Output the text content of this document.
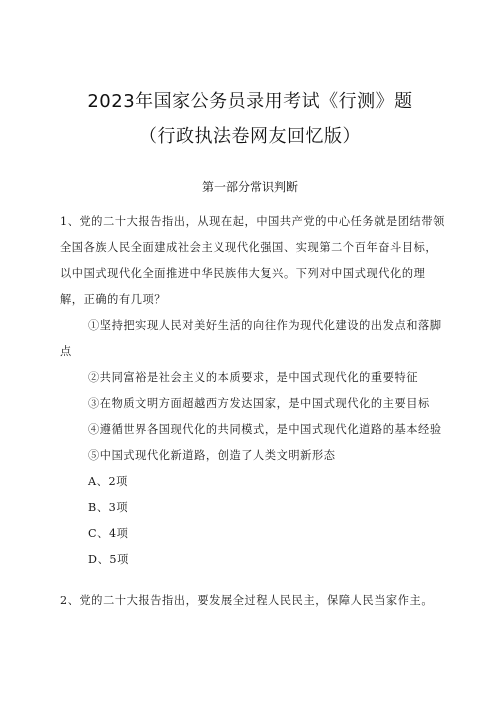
2023年国家公务员录用考试《行测》题
（行政执法卷网友回忆版）
第一部分常识判断

1、党的二十大报告指出，从现在起，中国共产党的中心任务就是团结带领全国各族人民全面建成社会主义现代化强国、实现第二个百年奋斗目标，以中国式现代化全面推进中华民族伟大复兴。下列对中国式现代化的理解，正确的有几项？

①坚持把实现人民对美好生活的向往作为现代化建设的出发点和落脚点

②共同富裕是社会主义的本质要求，是中国式现代化的重要特征

③在物质文明方面超越西方发达国家，是中国式现代化的主要目标

④遵循世界各国现代化的共同模式，是中国式现代化道路的基本经验

⑤中国式现代化新道路，创造了人类文明新形态

A、2项

B、3项

C、4项

D、5项

2、党的二十大报告指出，要发展全过程人民民主，保障人民当家作主。
